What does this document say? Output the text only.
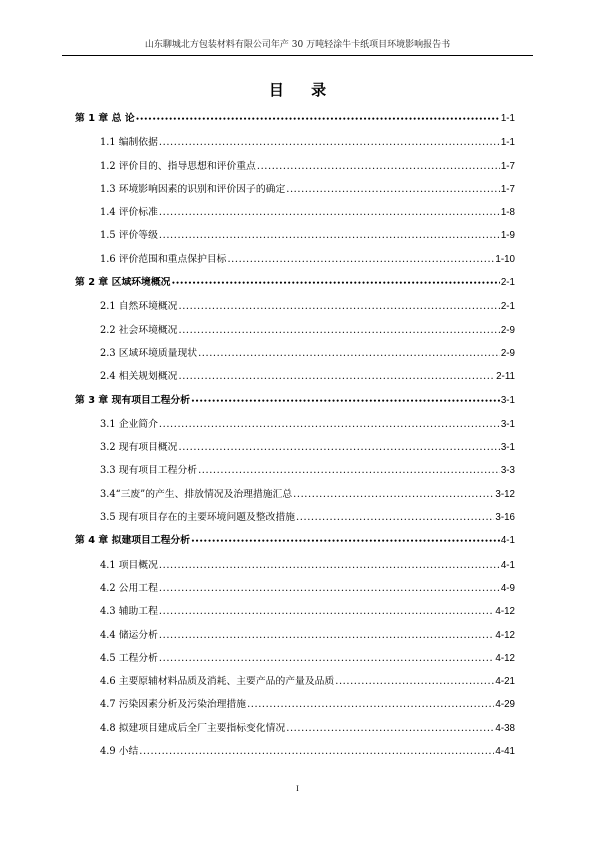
山东聊城北方包装材料有限公司年产 30 万吨轻涂牛卡纸项目环境影响报告书
目 录
第 1 章 总 论 •••••	1-1
1.1 编制依据 .....	1-1
1.2 评价目的、指导思想和评价重点 .....	1-7
1.3 环境影响因素的识别和评价因子的确定 .....	1-7
1.4 评价标准 .....	1-8
1.5 评价等级 .....	1-9
1.6 评价范围和重点保护目标 .....	1-10
第 2 章 区域环境概况 •••••	2-1
2.1 自然环境概况 .....	2-1
2.2 社会环境概况 .....	2-9
2.3 区域环境质量现状 .....	2-9
2.4 相关规划概况 .....	2-11
第 3 章 现有项目工程分析 •••••	3-1
3.1 企业简介 .....	3-1
3.2 现有项目概况 .....	3-1
3.3 现有项目工程分析 .....	3-3
3.4“三废”的产生、排放情况及治理措施汇总 .....	3-12
3.5 现有项目存在的主要环境问题及整改措施 .....	3-16
第 4 章 拟建项目工程分析 •••••	4-1
4.1 项目概况 .....	4-1
4.2 公用工程 .....	4-9
4.3 辅助工程 .....	4-12
4.4 储运分析 .....	4-12
4.5 工程分析 .....	4-12
4.6 主要原辅材料品质及消耗、主要产品的产量及品质 .....	4-21
4.7 污染因素分析及污染治理措施 .....	4-29
4.8 拟建项目建成后全厂主要指标变化情况 .....	4-38
4.9 小结 .....	4-41
I
